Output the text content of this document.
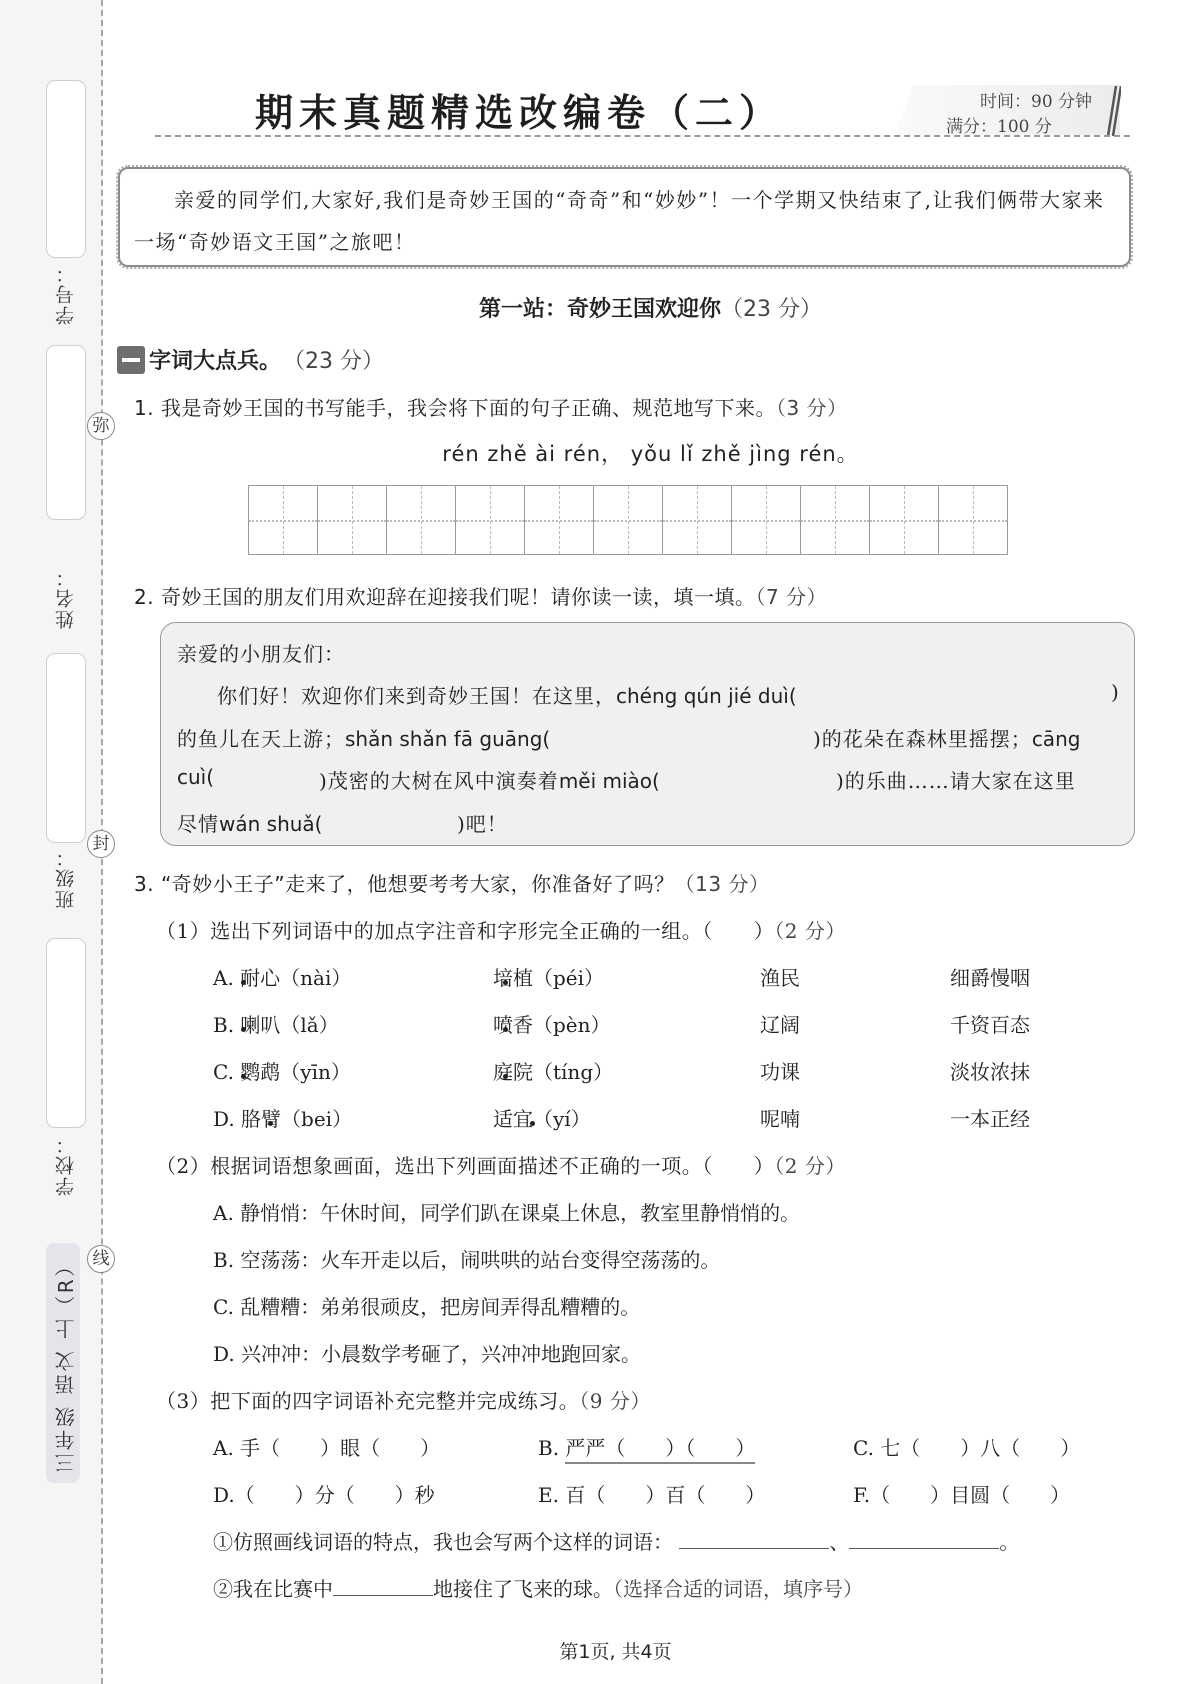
学号：
姓名：
班级：
学校：
三年级 语文 上（R）
弥
封
线
期末真题精选改编卷（二）	时间：90 分钟
满分：100 分
亲爱的同学们,大家好,我们是奇妙王国的“奇奇”和“妙妙”！一个学期又快结束了,让我们俩带大家来一场“奇妙语文王国”之旅吧！
第一站：奇妙王国欢迎你（23 分）
字词大点兵。 （23 分）
1. 我是奇妙王国的书写能手，我会将下面的句子正确、规范地写下来。（3 分）
rén zhě ài rén， yǒu lǐ zhě jìng rén。
2. 奇妙王国的朋友们用欢迎辞在迎接我们呢！请你读一读，填一填。（7 分）
亲爱的小朋友们：
你们好！欢迎你们来到奇妙王国！在这里，chéng qún jié duì(	)
的鱼儿在天上游；shǎn shǎn fā guāng(	)的花朵在森林里摇摆；cāng
cuì(	)茂密的大树在风中演奏着měi miào(	)的乐曲……请大家在这里
尽情wán shuǎ(	)吧！
3. “奇妙小王子”走来了，他想要考考大家，你准备好了吗？（13 分）
（1）选出下列词语中的加点字注音和字形完全正确的一组。（　　）（2 分）
A. 耐心（nài）	培植（péi）	渔民	细爵慢咽
B. 喇叭（lǎ）	喷香（pèn）	辽阔	千资百态
C. 鹦鹉（yīn）	庭院（tíng）	功课	淡妆浓抹
D. 胳臂（bei）	适宜（yí）	呢喃	一本正经
（2）根据词语想象画面，选出下列画面描述不正确的一项。（　　）（2 分）
A. 静悄悄：午休时间，同学们趴在课桌上休息，教室里静悄悄的。
B. 空荡荡：火车开走以后，闹哄哄的站台变得空荡荡的。
C. 乱糟糟：弟弟很顽皮，把房间弄得乱糟糟的。
D. 兴冲冲：小晨数学考砸了，兴冲冲地跑回家。
（3）把下面的四字词语补充完整并完成练习。（9 分）
A. 手（　　）眼（　　）	B. 严严（　　）（　　）	C. 七（　　）八（　　）
D.（　　）分（　　）秒	E. 百（　　）百（　　）	F.（　　）目圆（　　）
①仿照画线词语的特点，我也会写两个这样的词语：	、	。
②我在比赛中	地接住了飞来的球。（选择合适的词语，填序号）
第1页, 共4页
